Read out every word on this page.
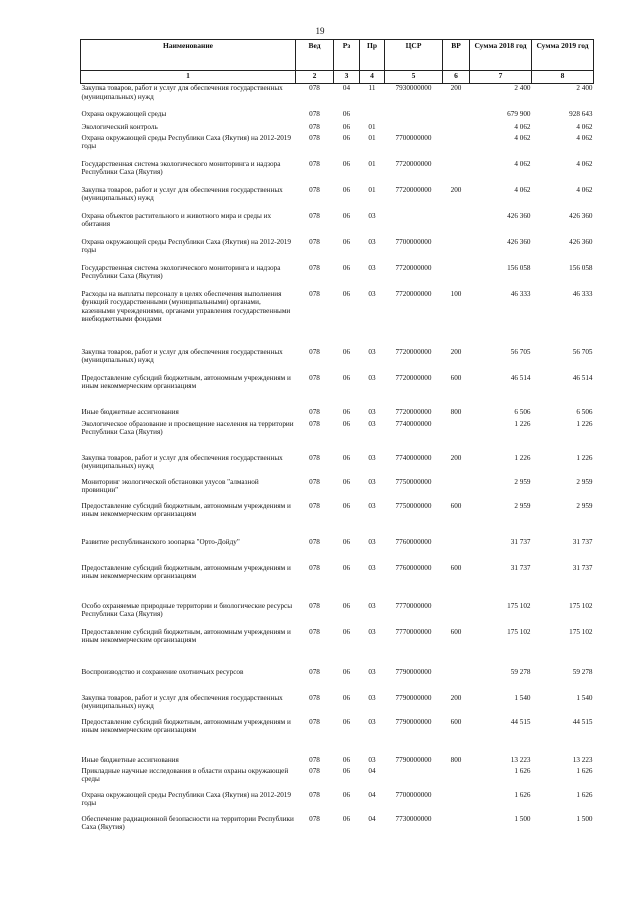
19
Наименование	Вед	Рз	Пр	ЦСР	ВР	Сумма 2018 год	Сумма 2019 год
1	2	3	4	5	6	7	8
Закупка товаров, работ и услуг для обеспечения государственных (муниципальных) нужд	078	04	11	7930000000	200	2 400	2 400
Охрана окружающей среды	078	06				679 900	928 643
Экологический контроль	078	06	01			4 062	4 062
Охрана окружающей среды Республики Саха (Якутия) на 2012-2019 годы	078	06	01	7700000000		4 062	4 062
Государственная система экологического мониторинга и надзора Республики Саха (Якутия)	078	06	01	7720000000		4 062	4 062
Закупка товаров, работ и услуг для обеспечения государственных (муниципальных) нужд	078	06	01	7720000000	200	4 062	4 062
Охрана объектов растительного и животного мира и среды их обитания	078	06	03			426 360	426 360
Охрана окружающей среды Республики Саха (Якутия) на 2012-2019 годы	078	06	03	7700000000		426 360	426 360
Государственная система экологического мониторинга и надзора Республики Саха (Якутия)	078	06	03	7720000000		156 058	156 058
Расходы на выплаты персоналу в целях обеспечения выполнения функций государственными (муниципальными) органами, казенными учреждениями, органами управления государственными внебюджетными фондами	078	06	03	7720000000	100	46 333	46 333
Закупка товаров, работ и услуг для обеспечения государственных (муниципальных) нужд	078	06	03	7720000000	200	56 705	56 705
Предоставление субсидий бюджетным, автономным учреждениям и иным некоммерческим организациям	078	06	03	7720000000	600	46 514	46 514
Иные бюджетные ассигнования	078	06	03	7720000000	800	6 506	6 506
Экологическое образование и просвещение населения на территории Республики Саха (Якутия)	078	06	03	7740000000		1 226	1 226
Закупка товаров, работ и услуг для обеспечения государственных (муниципальных) нужд	078	06	03	7740000000	200	1 226	1 226
Мониторинг экологической обстановки улусов "алмазной провинции"	078	06	03	7750000000		2 959	2 959
Предоставление субсидий бюджетным, автономным учреждениям и иным некоммерческим организациям	078	06	03	7750000000	600	2 959	2 959
Развитие республиканского зоопарка "Орто-Дойду"	078	06	03	7760000000		31 737	31 737
Предоставление субсидий бюджетным, автономным учреждениям и иным некоммерческим организациям	078	06	03	7760000000	600	31 737	31 737
Особо охраняемые природные территории и биологические ресурсы Республики Саха (Якутия)	078	06	03	7770000000		175 102	175 102
Предоставление субсидий бюджетным, автономным учреждениям и иным некоммерческим организациям	078	06	03	7770000000	600	175 102	175 102
Воспроизводство и сохранение охотничьих ресурсов	078	06	03	7790000000		59 278	59 278
Закупка товаров, работ и услуг для обеспечения государственных (муниципальных) нужд	078	06	03	7790000000	200	1 540	1 540
Предоставление субсидий бюджетным, автономным учреждениям и иным некоммерческим организациям	078	06	03	7790000000	600	44 515	44 515
Иные бюджетные ассигнования	078	06	03	7790000000	800	13 223	13 223
Прикладные научные исследования в области охраны окружающей среды	078	06	04			1 626	1 626
Охрана окружающей среды Республики Саха (Якутия) на 2012-2019 годы	078	06	04	7700000000		1 626	1 626
Обеспечение радиационной безопасности на территории Республики Саха (Якутия)	078	06	04	7730000000		1 500	1 500
